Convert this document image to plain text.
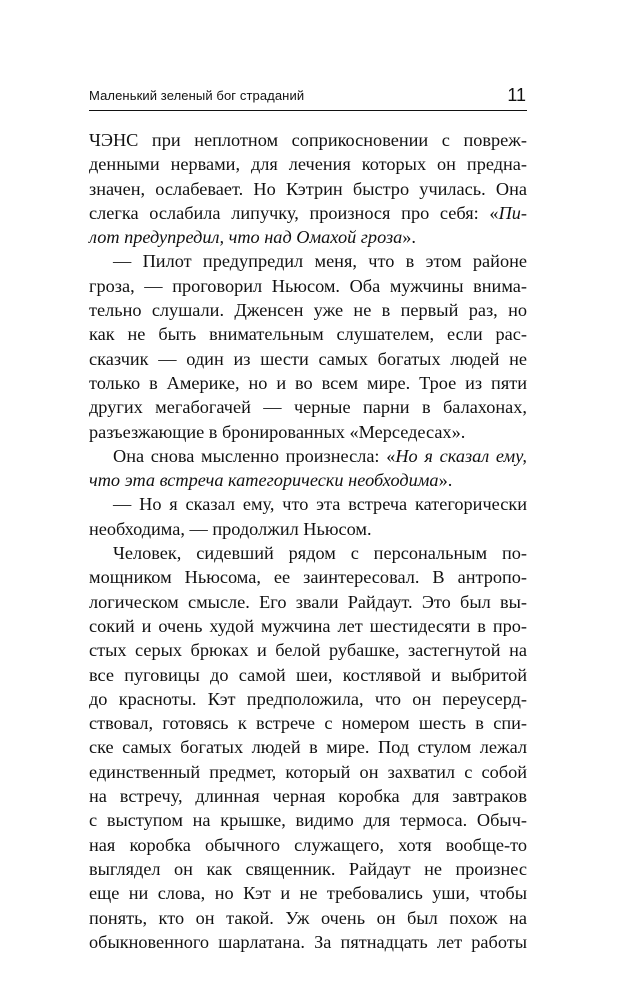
Маленький зеленый бог страданий	11
ЧЭНС при неплотном соприкосновении с повреж-
денными нервами, для лечения которых он предна-
значен, ослабевает. Но Кэтрин быстро училась. Она
слегка ослабила липучку, произнося про себя: «Пи-
лот предупредил, что над Омахой гроза».
— Пилот предупредил меня, что в этом районе
гроза, — проговорил Ньюсом. Оба мужчины внима-
тельно слушали. Дженсен уже не в первый раз, но
как не быть внимательным слушателем, если рас-
сказчик — один из шести самых богатых людей не
только в Америке, но и во всем мире. Трое из пяти
других мегабогачей — черные парни в балахонах,
разъезжающие в бронированных «Мерседесах».
Она снова мысленно произнесла: «Но я сказал ему,
что эта встреча категорически необходима».
— Но я сказал ему, что эта встреча категорически
необходима, — продолжил Ньюсом.
Человек, сидевший рядом с персональным по-
мощником Ньюсома, ее заинтересовал. В антропо-
логическом смысле. Его звали Райдаут. Это был вы-
сокий и очень худой мужчина лет шестидесяти в про-
стых серых брюках и белой рубашке, застегнутой на
все пуговицы до самой шеи, костлявой и выбритой
до красноты. Кэт предположила, что он переусерд-
ствовал, готовясь к встрече с номером шесть в спи-
ске самых богатых людей в мире. Под стулом лежал
единственный предмет, который он захватил с собой
на встречу, длинная черная коробка для завтраков
с выступом на крышке, видимо для термоса. Обыч-
ная коробка обычного служащего, хотя вообще-то
выглядел он как священник. Райдаут не произнес
еще ни слова, но Кэт и не требовались уши, чтобы
понять, кто он такой. Уж очень он был похож на
обыкновенного шарлатана. За пятнадцать лет работы
